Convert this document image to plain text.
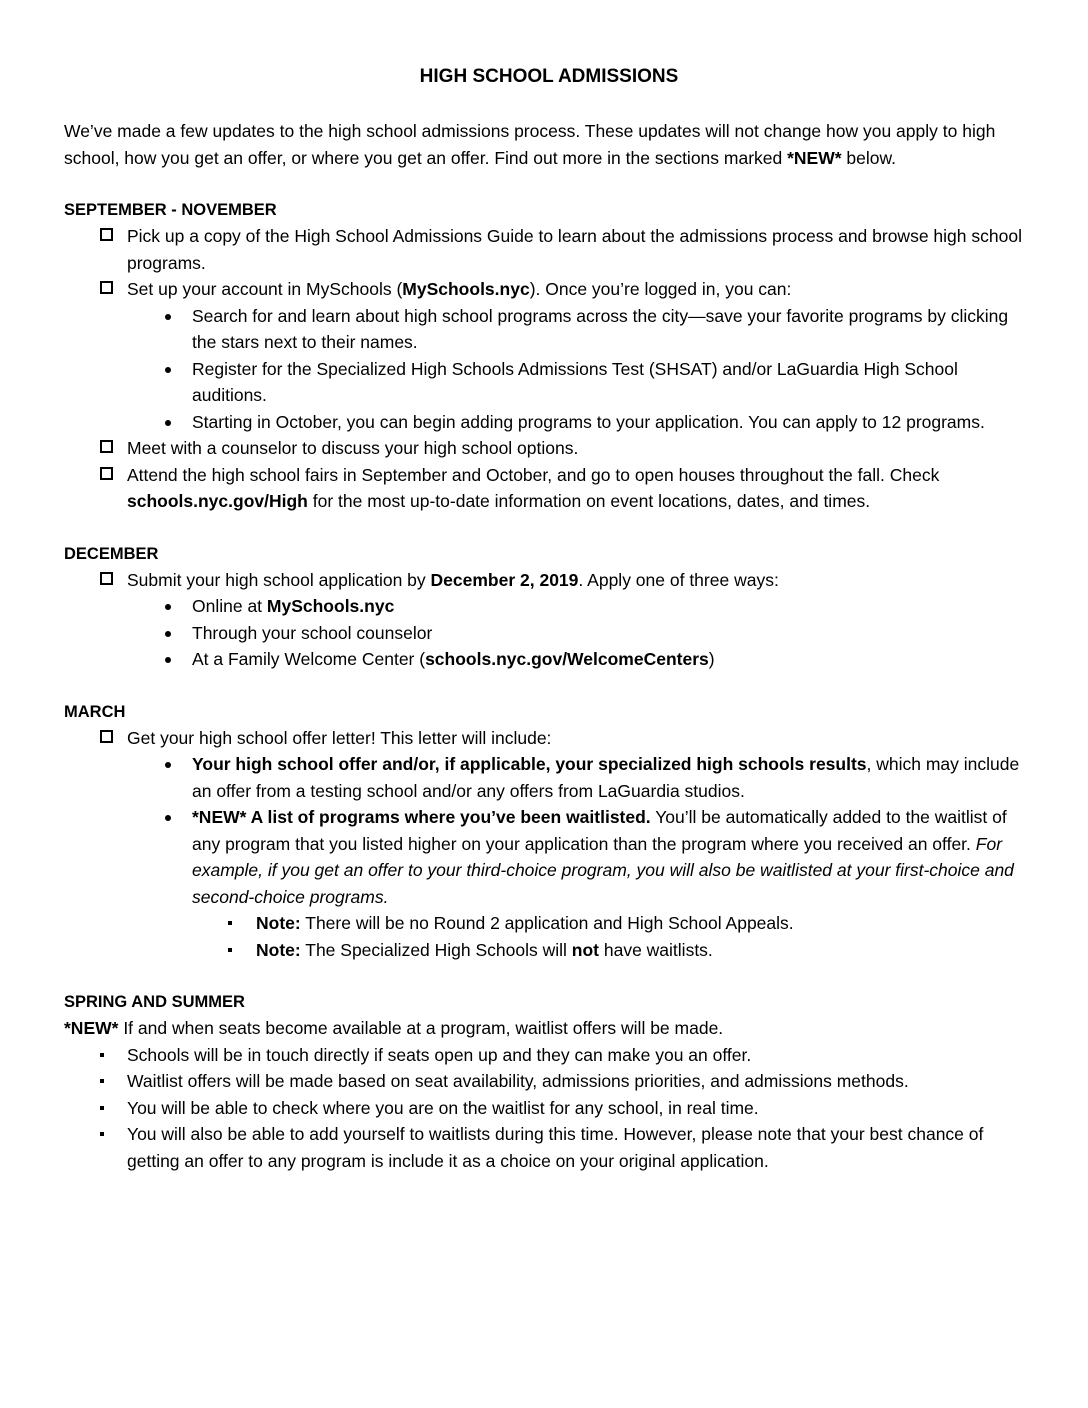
HIGH SCHOOL ADMISSIONS

We’ve made a few updates to the high school admissions process. These updates will not change how you apply to high school, how you get an offer, or where you get an offer. Find out more in the sections marked *NEW* below.

SEPTEMBER - NOVEMBER
Pick up a copy of the High School Admissions Guide to learn about the admissions process and browse high school programs.
Set up your account in MySchools (MySchools.nyc). Once you’re logged in, you can:
Search for and learn about high school programs across the city—save your favorite programs by clicking the stars next to their names.
Register for the Specialized High Schools Admissions Test (SHSAT) and/or LaGuardia High School auditions.
Starting in October, you can begin adding programs to your application. You can apply to 12 programs.
Meet with a counselor to discuss your high school options.
Attend the high school fairs in September and October, and go to open houses throughout the fall. Check schools.nyc.gov/High for the most up-to-date information on event locations, dates, and times.
DECEMBER
Submit your high school application by December 2, 2019. Apply one of three ways:
Online at MySchools.nyc
Through your school counselor
At a Family Welcome Center (schools.nyc.gov/WelcomeCenters)
MARCH
Get your high school offer letter! This letter will include:
Your high school offer and/or, if applicable, your specialized high schools results, which may include an offer from a testing school and/or any offers from LaGuardia studios.
*NEW* A list of programs where you’ve been waitlisted. You’ll be automatically added to the waitlist of any program that you listed higher on your application than the program where you received an offer. For example, if you get an offer to your third-choice program, you will also be waitlisted at your first-choice and second-choice programs.
Note: There will be no Round 2 application and High School Appeals.
Note: The Specialized High Schools will not have waitlists.
SPRING AND SUMMER

*NEW* If and when seats become available at a program, waitlist offers will be made.

Schools will be in touch directly if seats open up and they can make you an offer.
Waitlist offers will be made based on seat availability, admissions priorities, and admissions methods.
You will be able to check where you are on the waitlist for any school, in real time.
You will also be able to add yourself to waitlists during this time. However, please note that your best chance of getting an offer to any program is include it as a choice on your original application.
